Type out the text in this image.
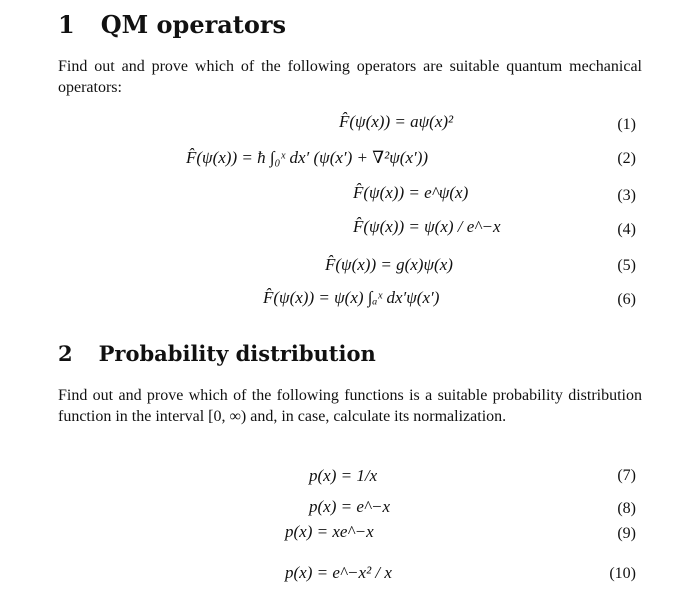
1 QM operators
Find out and prove which of the following operators are suitable quantum mechanical operators:
F̂(ψ(x)) = aψ(x)²	(1)
F̂(ψ(x)) = ħ ∫₀ˣ dx′ (ψ(x′) + ∇²ψ(x′))	(2)
F̂(ψ(x)) = e^ψ(x)	(3)
F̂(ψ(x)) = ψ(x) / e^−x	(4)
F̂(ψ(x)) = g(x)ψ(x)	(5)
F̂(ψ(x)) = ψ(x) ∫ₐˣ dx′ψ(x′)	(6)
2 Probability distribution
Find out and prove which of the following functions is a suitable probability distribution function in the interval [0, ∞) and, in case, calculate its normalization.
p(x) = 1/x	(7)
p(x) = e^−x	(8)
p(x) = xe^−x	(9)
p(x) = e^−x² / x	(10)
